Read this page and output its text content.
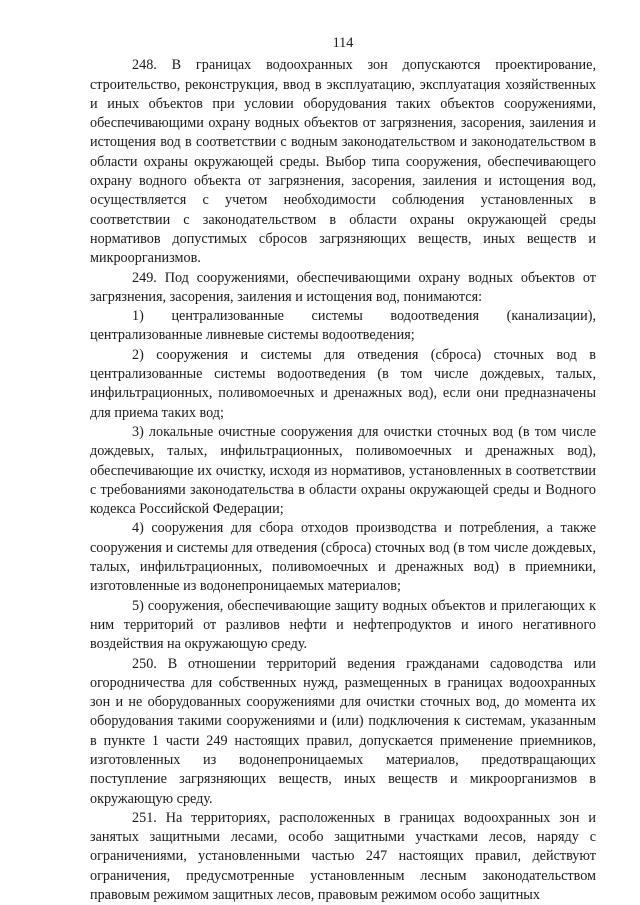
114

248. В границах водоохранных зон допускаются проектирование, строительство, реконструкция, ввод в эксплуатацию, эксплуатация хозяйственных и иных объектов при условии оборудования таких объектов сооружениями, обеспечивающими охрану водных объектов от загрязнения, засорения, заиления и истощения вод в соответствии с водным законодательством и законодательством в области охраны окружающей среды. Выбор типа сооружения, обеспечивающего охрану водного объекта от загрязнения, засорения, заиления и истощения вод, осуществляется с учетом необходимости соблюдения установленных в соответствии с законодательством в области охраны окружающей среды нормативов допустимых сбросов загрязняющих веществ, иных веществ и микроорганизмов.

249. Под сооружениями, обеспечивающими охрану водных объектов от загрязнения, засорения, заиления и истощения вод, понимаются:

1) централизованные системы водоотведения (канализации), централизованные ливневые системы водоотведения;

2) сооружения и системы для отведения (сброса) сточных вод в централизованные системы водоотведения (в том числе дождевых, талых, инфильтрационных, поливомоечных и дренажных вод), если они предназначены для приема таких вод;

3) локальные очистные сооружения для очистки сточных вод (в том числе дождевых, талых, инфильтрационных, поливомоечных и дренажных вод), обеспечивающие их очистку, исходя из нормативов, установленных в соответствии с требованиями законодательства в области охраны окружающей среды и Водного кодекса Российской Федерации;

4) сооружения для сбора отходов производства и потребления, а также сооружения и системы для отведения (сброса) сточных вод (в том числе дождевых, талых, инфильтрационных, поливомоечных и дренажных вод) в приемники, изготовленные из водонепроницаемых материалов;

5) сооружения, обеспечивающие защиту водных объектов и прилегающих к ним территорий от разливов нефти и нефтепродуктов и иного негативного воздействия на окружающую среду.

250. В отношении территорий ведения гражданами садоводства или огородничества для собственных нужд, размещенных в границах водоохранных зон и не оборудованных сооружениями для очистки сточных вод, до момента их оборудования такими сооружениями и (или) подключения к системам, указанным в пункте 1 части 249 настоящих правил, допускается применение приемников, изготовленных из водонепроницаемых материалов, предотвращающих поступление загрязняющих веществ, иных веществ и микроорганизмов в окружающую среду.

251. На территориях, расположенных в границах водоохранных зон и занятых защитными лесами, особо защитными участками лесов, наряду с ограничениями, установленными частью 247 настоящих правил, действуют ограничения, предусмотренные установленным лесным законодательством правовым режимом защитных лесов, правовым режимом особо защитных
